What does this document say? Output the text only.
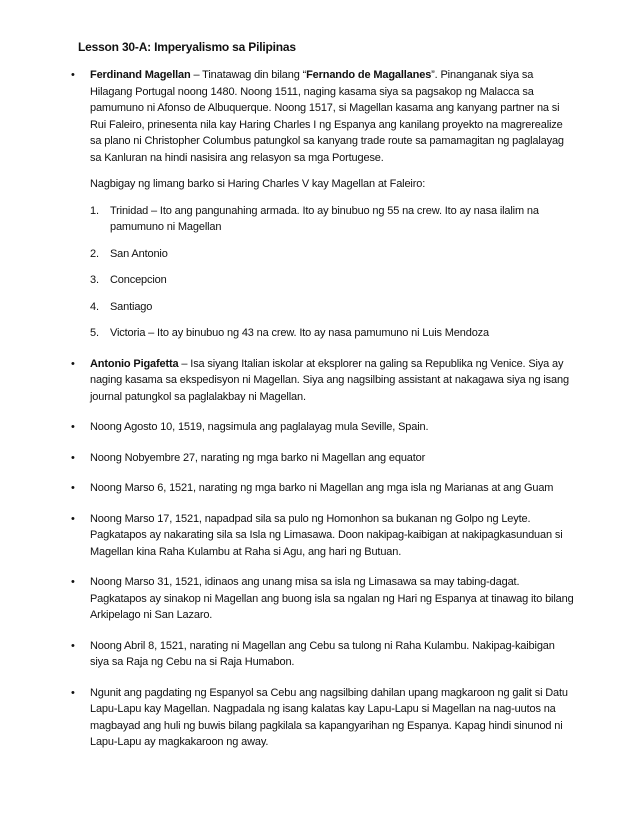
Lesson 30-A: Imperyalismo sa Pilipinas
• Ferdinand Magellan – Tinatawag din bilang “Fernando de Magallanes”. Pinanganak siya sa Hilagang Portugal noong 1480. Noong 1511, naging kasama siya sa pagsakop ng Malacca sa pamumuno ni Afonso de Albuquerque. Noong 1517, si Magellan kasama ang kanyang partner na si Rui Faleiro, prinesenta nila kay Haring Charles I ng Espanya ang kanilang proyekto na magrerealize sa plano ni Christopher Columbus patungkol sa kanyang trade route sa pamamagitan ng paglalayag sa Kanluran na hindi nasisira ang relasyon sa mga Portugese.

Nagbigay ng limang barko si Haring Charles V kay Magellan at Faleiro:

1. Trinidad – Ito ang pangunahing armada. Ito ay binubuo ng 55 na crew. Ito ay nasa ilalim na pamumuno ni Magellan
2. San Antonio
3. Concepcion
4. Santiago
5. Victoria – Ito ay binubuo ng 43 na crew. Ito ay nasa pamumuno ni Luis Mendoza
• Antonio Pigafetta – Isa siyang Italian iskolar at eksplorer na galing sa Republika ng Venice. Siya ay naging kasama sa ekspedisyon ni Magellan. Siya ang nagsilbing assistant at nakagawa siya ng isang journal patungkol sa paglalakbay ni Magellan.

• Noong Agosto 10, 1519, nagsimula ang paglalayag mula Seville, Spain.

• Noong Nobyembre 27, narating ng mga barko ni Magellan ang equator

• Noong Marso 6, 1521, narating ng mga barko ni Magellan ang mga isla ng Marianas at ang Guam

• Noong Marso 17, 1521, napadpad sila sa pulo ng Homonhon sa bukanan ng Golpo ng Leyte. Pagkatapos ay nakarating sila sa Isla ng Limasawa. Doon nakipag-kaibigan at nakipagkasunduan si Magellan kina Raha Kulambu at Raha si Agu, ang hari ng Butuan.

• Noong Marso 31, 1521, idinaos ang unang misa sa isla ng Limasawa sa may tabing-dagat. Pagkatapos ay sinakop ni Magellan ang buong isla sa ngalan ng Hari ng Espanya at tinawag ito bilang Arkipelago ni San Lazaro.

• Noong Abril 8, 1521, narating ni Magellan ang Cebu sa tulong ni Raha Kulambu. Nakipag-kaibigan siya sa Raja ng Cebu na si Raja Humabon.

• Ngunit ang pagdating ng Espanyol sa Cebu ang nagsilbing dahilan upang magkaroon ng galit si Datu Lapu-Lapu kay Magellan. Nagpadala ng isang kalatas kay Lapu-Lapu si Magellan na nag-uutos na magbayad ang huli ng buwis bilang pagkilala sa kapangyarihan ng Espanya. Kapag hindi sinunod ni Lapu-Lapu ay magkakaroon ng away.
